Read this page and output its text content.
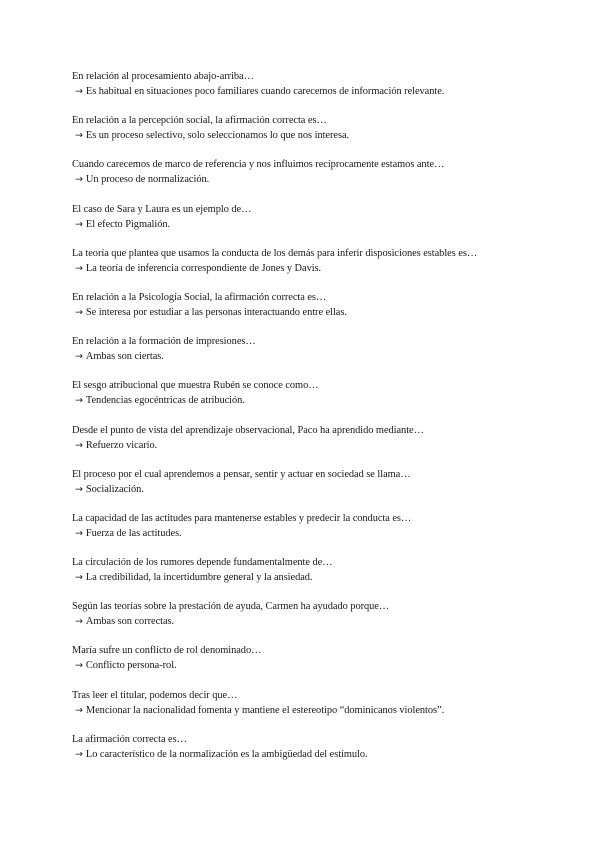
En relación al procesamiento abajo-arriba…
→ Es habitual en situaciones poco familiares cuando carecemos de información relevante.
En relación a la percepción social, la afirmación correcta es…
→ Es un proceso selectivo, solo seleccionamos lo que nos interesa.
Cuando carecemos de marco de referencia y nos influimos recíprocamente estamos ante…
→ Un proceso de normalización.
El caso de Sara y Laura es un ejemplo de…
→ El efecto Pigmalión.
La teoría que plantea que usamos la conducta de los demás para inferir disposiciones estables es…
→ La teoría de inferencia correspondiente de Jones y Davis.
En relación a la Psicología Social, la afirmación correcta es…
→ Se interesa por estudiar a las personas interactuando entre ellas.
En relación a la formación de impresiones…
→ Ambas son ciertas.
El sesgo atribucional que muestra Rubén se conoce como…
→ Tendencias egocéntricas de atribución.
Desde el punto de vista del aprendizaje observacional, Paco ha aprendido mediante…
→ Refuerzo vicario.
El proceso por el cual aprendemos a pensar, sentir y actuar en sociedad se llama…
→ Socialización.
La capacidad de las actitudes para mantenerse estables y predecir la conducta es…
→ Fuerza de las actitudes.
La circulación de los rumores depende fundamentalmente de…
→ La credibilidad, la incertidumbre general y la ansiedad.
Según las teorías sobre la prestación de ayuda, Carmen ha ayudado porque…
→ Ambas son correctas.
María sufre un conflicto de rol denominado…
→ Conflicto persona-rol.
Tras leer el titular, podemos decir que…
→ Mencionar la nacionalidad fomenta y mantiene el estereotipo “dominicanos violentos”.
La afirmación correcta es…
→ Lo característico de la normalización es la ambigüedad del estímulo.
